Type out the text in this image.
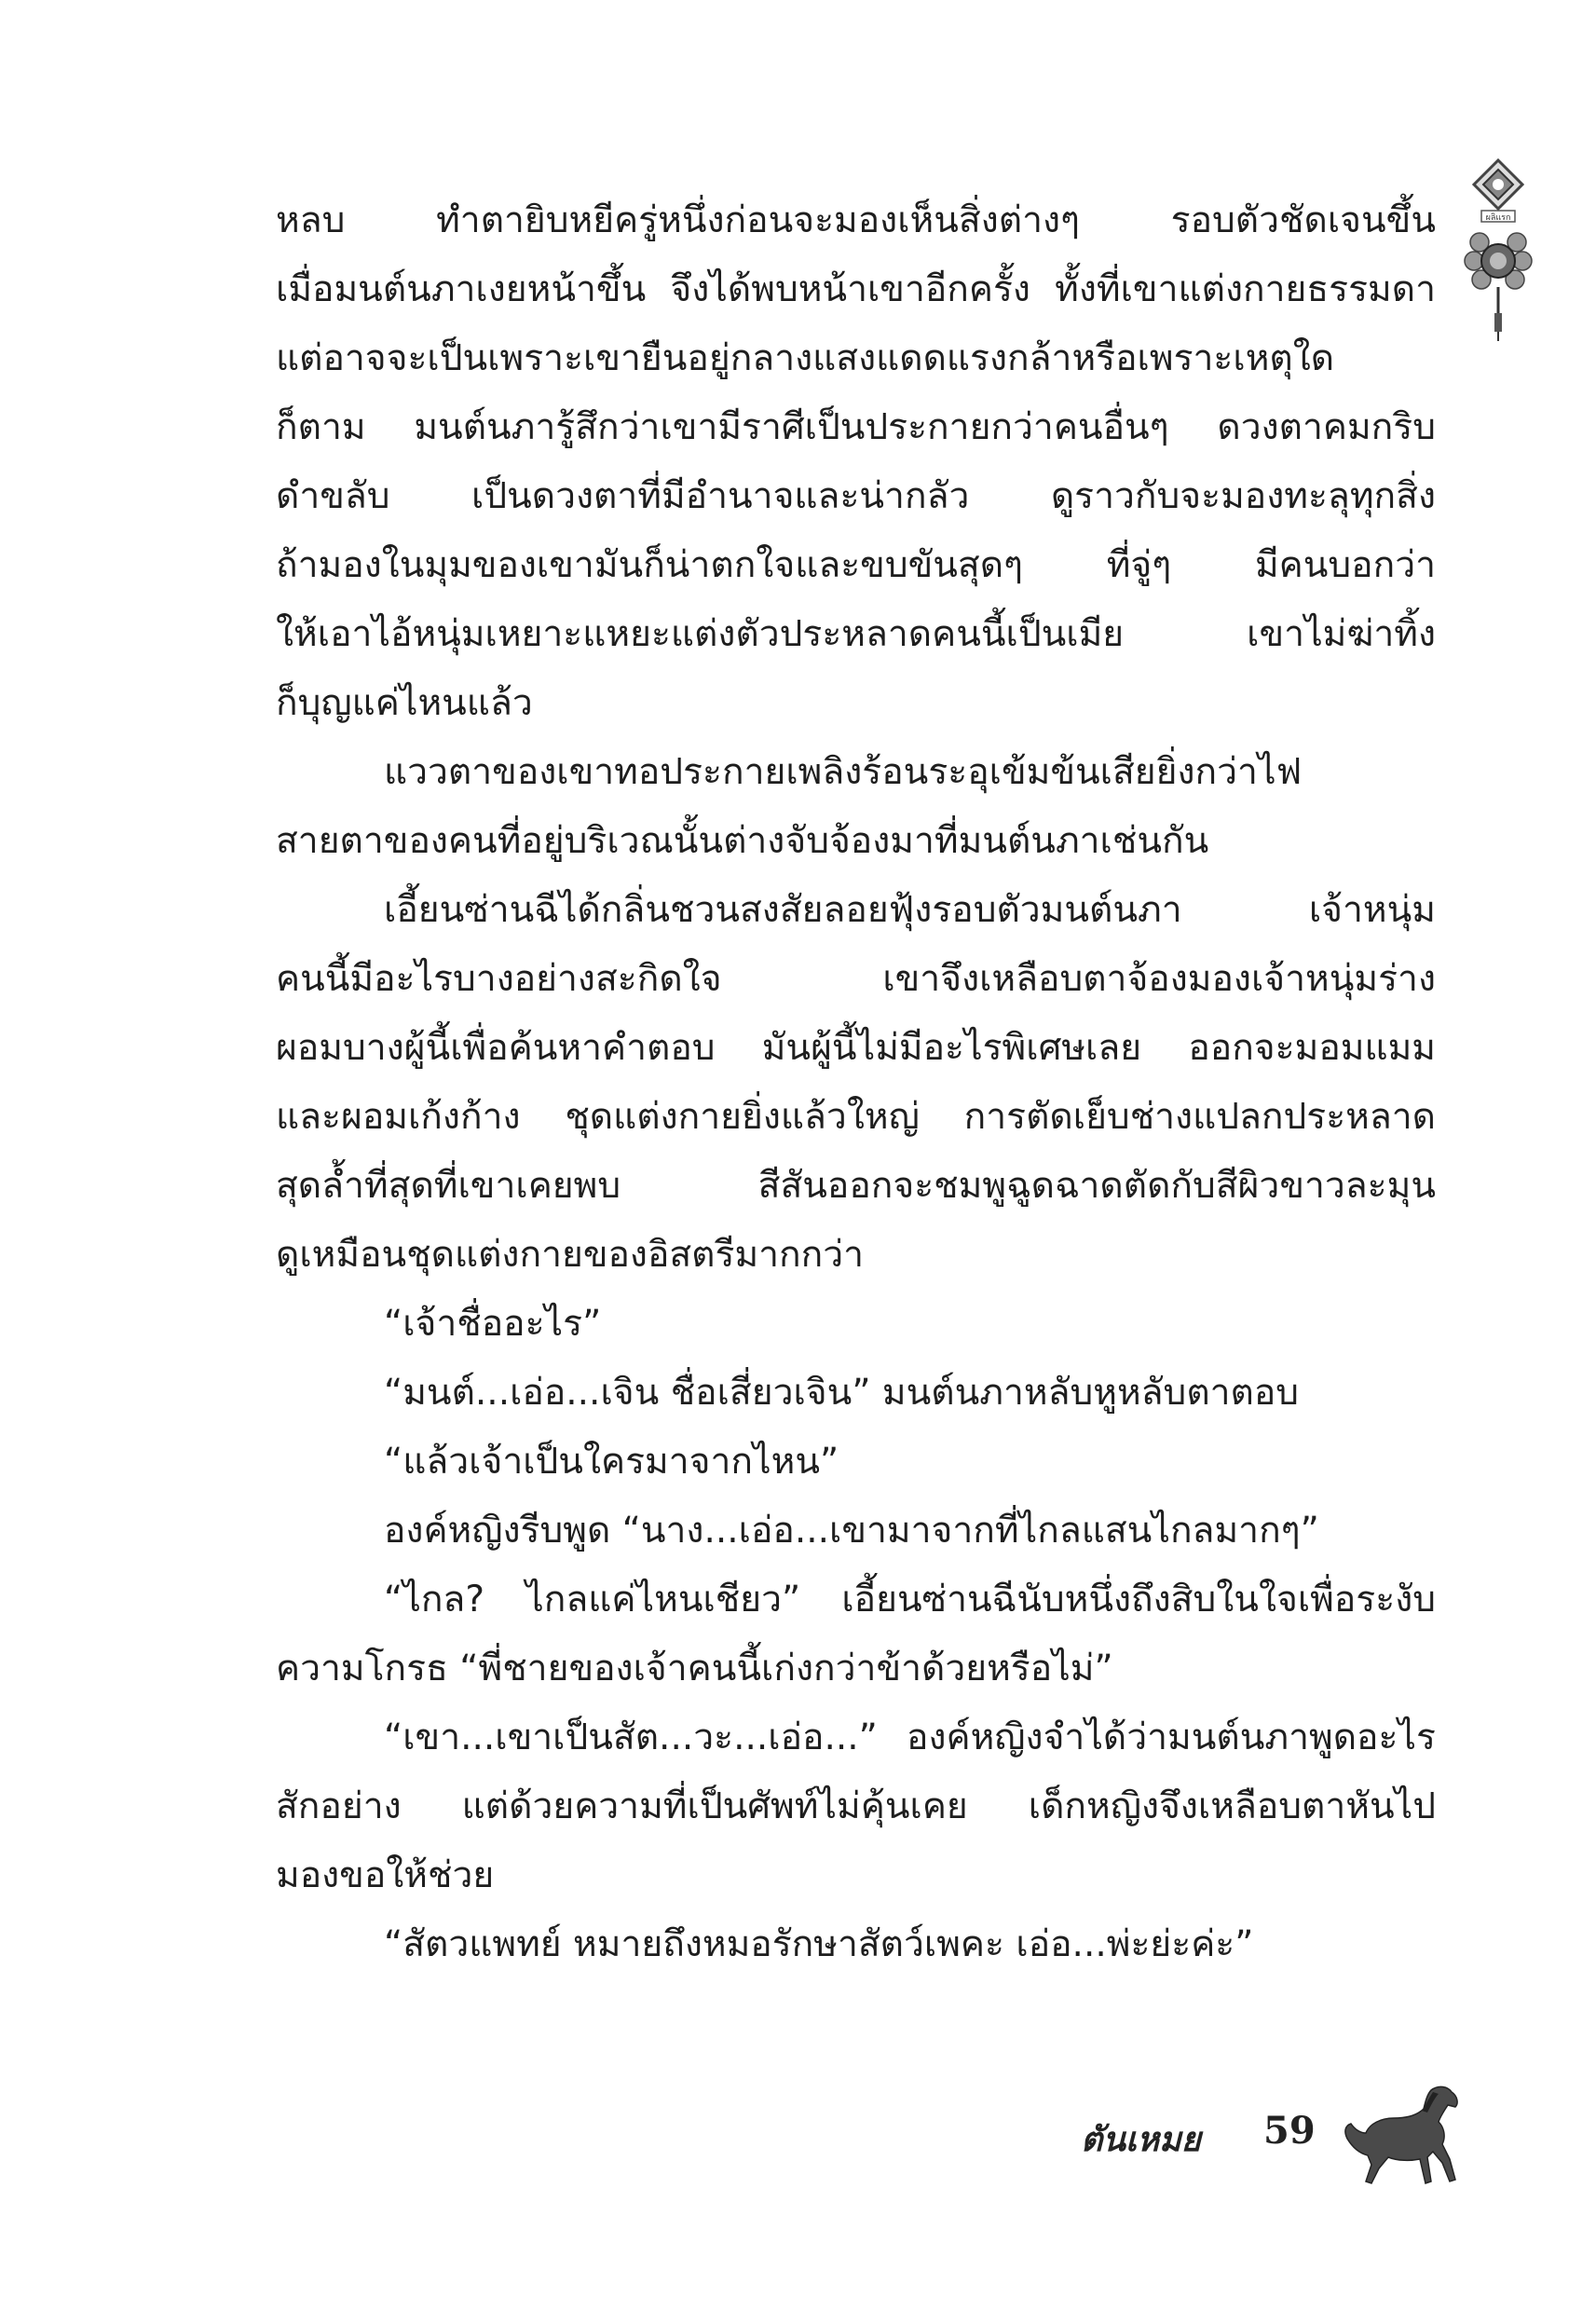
ผลิแรก
หลบ ทำตายิบหยีครู่หนึ่งก่อนจะมองเห็นสิ่งต่างๆ รอบตัวชัดเจนขึ้น
เมื่อมนต์นภาเงยหน้าขึ้น จึงได้พบหน้าเขาอีกครั้ง ทั้งที่เขาแต่งกายธรรมดา
แต่อาจจะเป็นเพราะเขายืนอยู่กลางแสงแดดแรงกล้าหรือเพราะเหตุใด
ก็ตาม มนต์นภารู้สึกว่าเขามีราศีเป็นประกายกว่าคนอื่นๆ ดวงตาคมกริบ
ดำขลับ เป็นดวงตาที่มีอำนาจและน่ากลัว ดูราวกับจะมองทะลุทุกสิ่ง
ถ้ามองในมุมของเขามันก็น่าตกใจและขบขันสุดๆ ที่จู่ๆ มีคนบอกว่า
ให้เอาไอ้หนุ่มเหยาะแหยะแต่งตัวประหลาดคนนี้เป็นเมีย เขาไม่ฆ่าทิ้ง
ก็บุญแค่ไหนแล้ว
แววตาของเขาทอประกายเพลิงร้อนระอุเข้มข้นเสียยิ่งกว่าไฟ
สายตาของคนที่อยู่บริเวณนั้นต่างจับจ้องมาที่มนต์นภาเช่นกัน
เอี้ยนซ่านฉีได้กลิ่นชวนสงสัยลอยฟุ้งรอบตัวมนต์นภา เจ้าหนุ่ม
คนนี้มีอะไรบางอย่างสะกิดใจ เขาจึงเหลือบตาจ้องมองเจ้าหนุ่มร่าง
ผอมบางผู้นี้เพื่อค้นหาคำตอบ มันผู้นี้ไม่มีอะไรพิเศษเลย ออกจะมอมแมม
และผอมเก้งก้าง ชุดแต่งกายยิ่งแล้วใหญ่ การตัดเย็บช่างแปลกประหลาด
สุดล้ำที่สุดที่เขาเคยพบ สีสันออกจะชมพูฉูดฉาดตัดกับสีผิวขาวละมุน
ดูเหมือนชุดแต่งกายของอิสตรีมากกว่า
“เจ้าชื่ออะไร”
“มนต์...เอ่อ...เจิน ชื่อเสี่ยวเจิน” มนต์นภาหลับหูหลับตาตอบ
“แล้วเจ้าเป็นใครมาจากไหน”
องค์หญิงรีบพูด “นาง...เอ่อ...เขามาจากที่ไกลแสนไกลมากๆ”
“ไกล? ไกลแค่ไหนเชียว” เอี้ยนซ่านฉีนับหนึ่งถึงสิบในใจเพื่อระงับ
ความโกรธ “พี่ชายของเจ้าคนนี้เก่งกว่าข้าด้วยหรือไม่”
“เขา...เขาเป็นสัต...วะ...เอ่อ...” องค์หญิงจำได้ว่ามนต์นภาพูดอะไร
สักอย่าง แต่ด้วยความที่เป็นศัพท์ไม่คุ้นเคย เด็กหญิงจึงเหลือบตาหันไป
มองขอให้ช่วย
“สัตวแพทย์ หมายถึงหมอรักษาสัตว์เพคะ เอ่อ...พ่ะย่ะค่ะ”
ตันเหมย 59
